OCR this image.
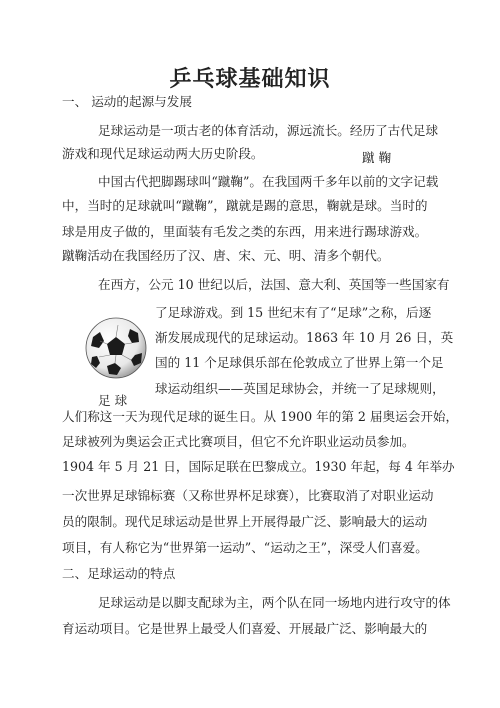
乒乓球基础知识
一、 运动的起源与发展
足球运动是一项古老的体育活动，源远流长。经历了古代足球
游戏和现代足球运动两大历史阶段。	蹴 鞠
中国古代把脚踢球叫“蹴鞠”。在我国两千多年以前的文字记载
中，当时的足球就叫“蹴鞠”，蹴就是踢的意思，鞠就是球。当时的
球是用皮子做的，里面装有毛发之类的东西，用来进行踢球游戏。
蹴鞠活动在我国经历了汉、唐、宋、元、明、清多个朝代。
在西方，公元 10 世纪以后，法国、意大利、英国等一些国家有
了足球游戏。到 15 世纪末有了“足球”之称，后逐
渐发展成现代的足球运动。1863 年 10 月 26 日，英
国的 11 个足球俱乐部在伦敦成立了世界上第一个足
球运动组织——英国足球协会，并统一了足球规则，
足 球
人们称这一天为现代足球的诞生日。从 1900 年的第 2 届奥运会开始，
足球被列为奥运会正式比赛项目，但它不允许职业运动员参加。
1904 年 5 月 21 日，国际足联在巴黎成立。1930 年起，每 4 年举办
一次世界足球锦标赛（又称世界杯足球赛），比赛取消了对职业运动
员的限制。现代足球运动是世界上开展得最广泛、影响最大的运动
项目，有人称它为“世界第一运动”、“运动之王”，深受人们喜爱。
二、足球运动的特点
足球运动是以脚支配球为主，两个队在同一场地内进行攻守的体
育运动项目。它是世界上最受人们喜爱、开展最广泛、影响最大的
